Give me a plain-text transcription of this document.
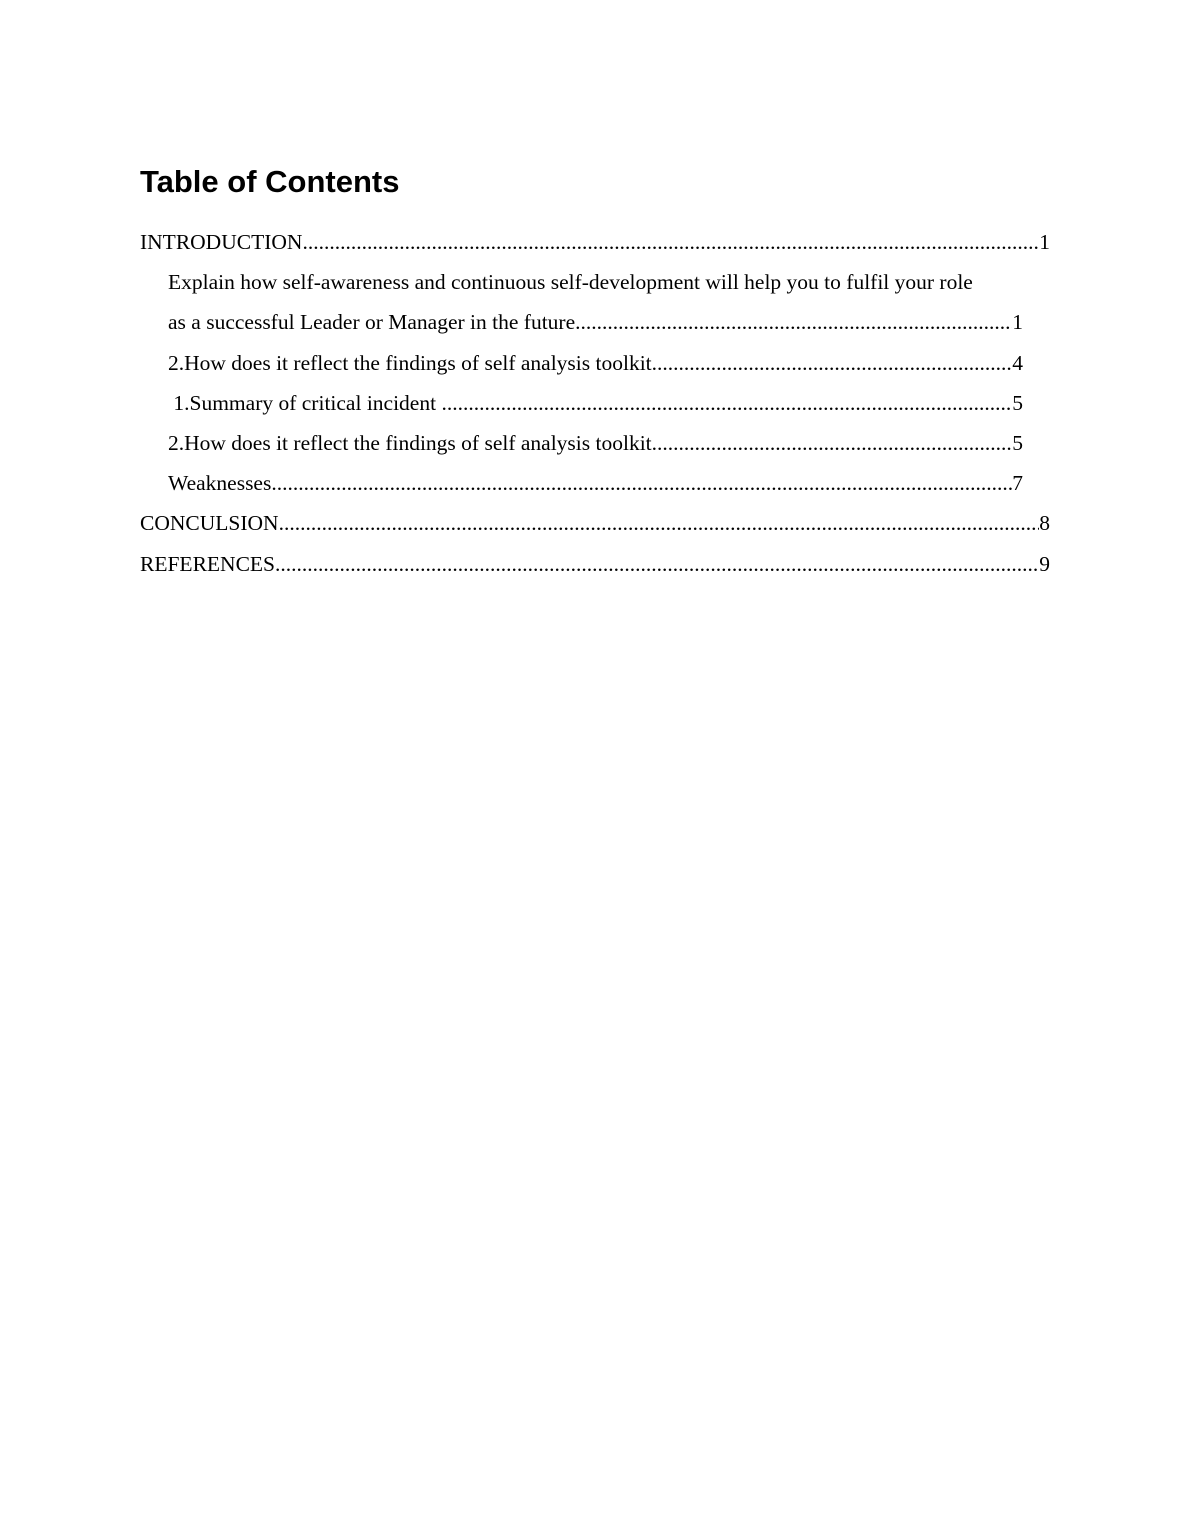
Table of Contents
INTRODUCTION .....	1
Explain how self-awareness and continuous self-development will help you to fulfil your role
as a successful Leader or Manager in the future .....	1
2.How does it reflect the findings of self analysis toolkit .....	4
1.Summary of critical incident .....	5
2.How does it reflect the findings of self analysis toolkit .....	5
Weaknesses .....	7
CONCULSION .....	8
REFERENCES .....	9
